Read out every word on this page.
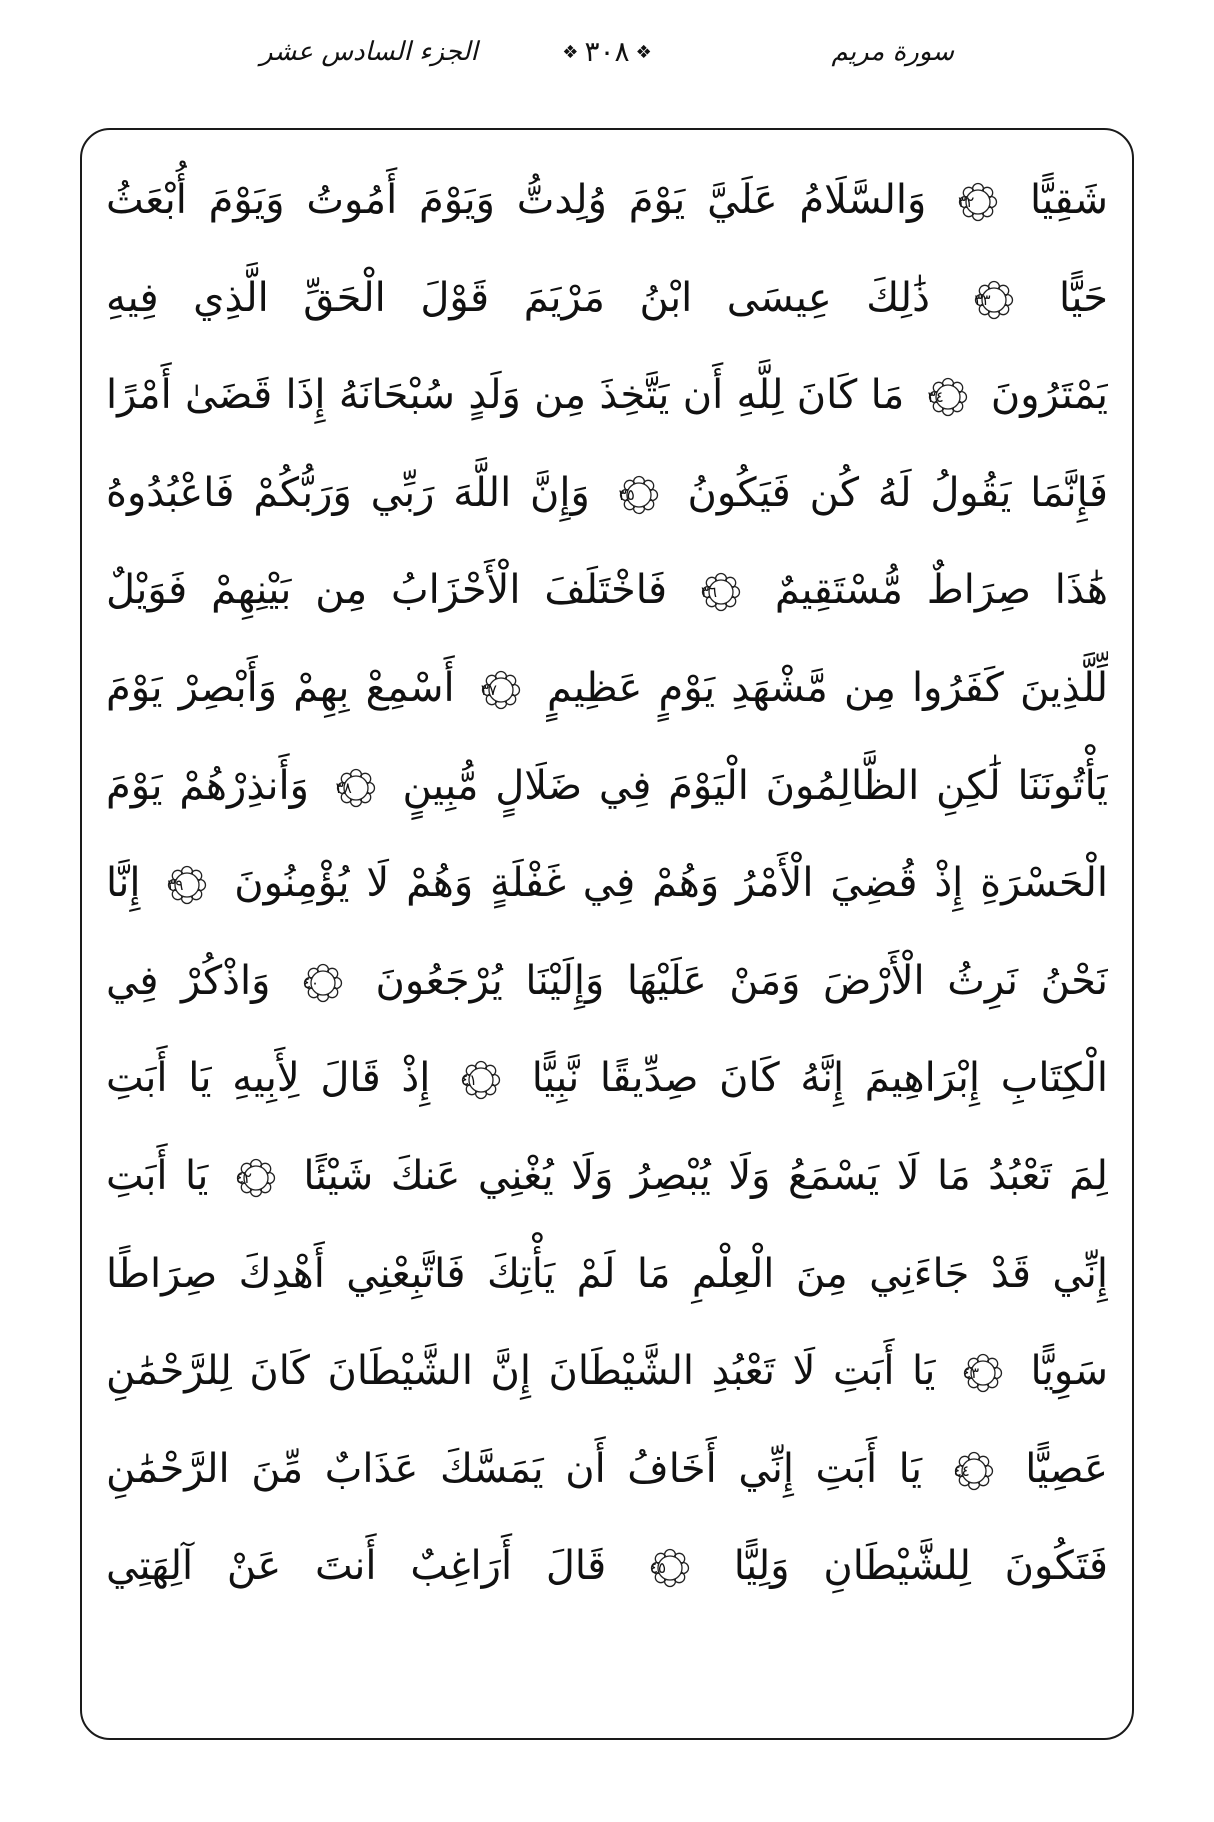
الجزء السادس عشر	❖ ٣٠٨ ❖	سورة مريم
شَقِيًّا
٣٢
وَالسَّلَامُ عَلَيَّ يَوْمَ وُلِدتُّ وَيَوْمَ أَمُوتُ وَيَوْمَ أُبْعَثُ
حَيًّا
٣٣
ذَٰلِكَ عِيسَى ابْنُ مَرْيَمَ قَوْلَ الْحَقِّ الَّذِي فِيهِ
يَمْتَرُونَ
٣٤
مَا كَانَ لِلَّهِ أَن يَتَّخِذَ مِن وَلَدٍ سُبْحَانَهُ إِذَا قَضَىٰ أَمْرًا
فَإِنَّمَا يَقُولُ لَهُ كُن فَيَكُونُ
٣٥
وَإِنَّ اللَّهَ رَبِّي وَرَبُّكُمْ فَاعْبُدُوهُ
هَٰذَا صِرَاطٌ مُّسْتَقِيمٌ
٣٦
فَاخْتَلَفَ الْأَحْزَابُ مِن بَيْنِهِمْ فَوَيْلٌ
لِّلَّذِينَ كَفَرُوا مِن مَّشْهَدِ يَوْمٍ عَظِيمٍ
٣٧
أَسْمِعْ بِهِمْ وَأَبْصِرْ يَوْمَ
يَأْتُونَنَا لَٰكِنِ الظَّالِمُونَ الْيَوْمَ فِي ضَلَالٍ مُّبِينٍ
٣٨
وَأَنذِرْهُمْ يَوْمَ
الْحَسْرَةِ إِذْ قُضِيَ الْأَمْرُ وَهُمْ فِي غَفْلَةٍ وَهُمْ لَا يُؤْمِنُونَ
٣٩
إِنَّا
نَحْنُ نَرِثُ الْأَرْضَ وَمَنْ عَلَيْهَا وَإِلَيْنَا يُرْجَعُونَ
٤٠
وَاذْكُرْ فِي
الْكِتَابِ إِبْرَاهِيمَ إِنَّهُ كَانَ صِدِّيقًا نَّبِيًّا
٤١
إِذْ قَالَ لِأَبِيهِ يَا أَبَتِ
لِمَ تَعْبُدُ مَا لَا يَسْمَعُ وَلَا يُبْصِرُ وَلَا يُغْنِي عَنكَ شَيْئًا
٤٢
يَا أَبَتِ
إِنِّي قَدْ جَاءَنِي مِنَ الْعِلْمِ مَا لَمْ يَأْتِكَ فَاتَّبِعْنِي أَهْدِكَ صِرَاطًا
سَوِيًّا
٤٣
يَا أَبَتِ لَا تَعْبُدِ الشَّيْطَانَ إِنَّ الشَّيْطَانَ كَانَ لِلرَّحْمَٰنِ
عَصِيًّا
٤٤
يَا أَبَتِ إِنِّي أَخَافُ أَن يَمَسَّكَ عَذَابٌ مِّنَ الرَّحْمَٰنِ
فَتَكُونَ لِلشَّيْطَانِ وَلِيًّا
٤٥
قَالَ أَرَاغِبٌ أَنتَ عَنْ آلِهَتِي
